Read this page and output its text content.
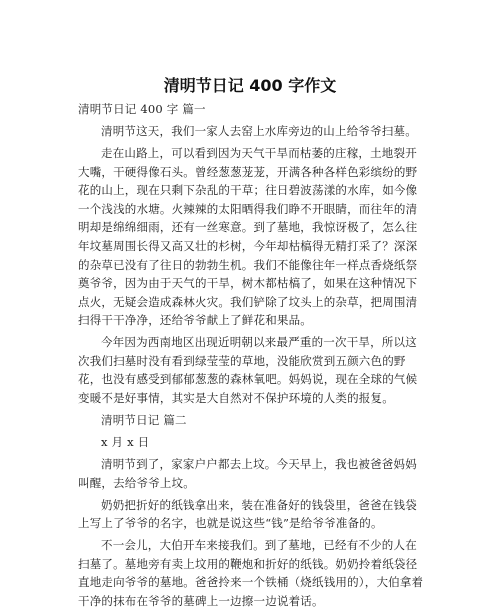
清明节日记 400 字作文

清明节日记 400 字 篇一

清明节这天，我们一家人去窑上水库旁边的山上给爷爷扫墓。

走在山路上，可以看到因为天气干旱而枯萎的庄稼，土地裂开大嘴，干硬得像石头。曾经葱葱茏茏，开满各种各样色彩缤纷的野花的山上，现在只剩下杂乱的干草；往日碧波荡漾的水库，如今像一个浅浅的水塘。火辣辣的太阳晒得我们睁不开眼睛，而往年的清明却是绵绵细雨，还有一丝寒意。到了墓地，我惊讶极了，怎么往年坟墓周围长得又高又壮的杉树，今年却枯槁得无精打采了？深深的杂草已没有了往日的勃勃生机。我们不能像往年一样点香烧纸祭奠爷爷，因为由于天气的干旱，树木都枯槁了，如果在这种情况下点火，无疑会造成森林火灾。我们铲除了坟头上的杂草，把周围清扫得干干净净，还给爷爷献上了鲜花和果品。

今年因为西南地区出现近明朝以来最严重的一次干旱，所以这次我们扫墓时没有看到绿莹莹的草地，没能欣赏到五颜六色的野花，也没有感受到郁郁葱葱的森林氧吧。妈妈说，现在全球的气候变暖不是好事情，其实是大自然对不保护环境的人类的报复。

清明节日记 篇二

x 月 x 日

清明节到了，家家户户都去上坟。今天早上，我也被爸爸妈妈叫醒，去给爷爷上坟。

奶奶把折好的纸钱拿出来，装在准备好的钱袋里，爸爸在钱袋上写上了爷爷的名字，也就是说这些“钱”是给爷爷准备的。

不一会儿，大伯开车来接我们。到了墓地，已经有不少的人在扫墓了。墓地旁有卖上坟用的鞭炮和折好的纸钱。奶奶拎着纸袋径直地走向爷爷的墓地。爸爸拎来一个铁桶（烧纸钱用的），大伯拿着干净的抹布在爷爷的墓碑上一边擦一边说着话。
